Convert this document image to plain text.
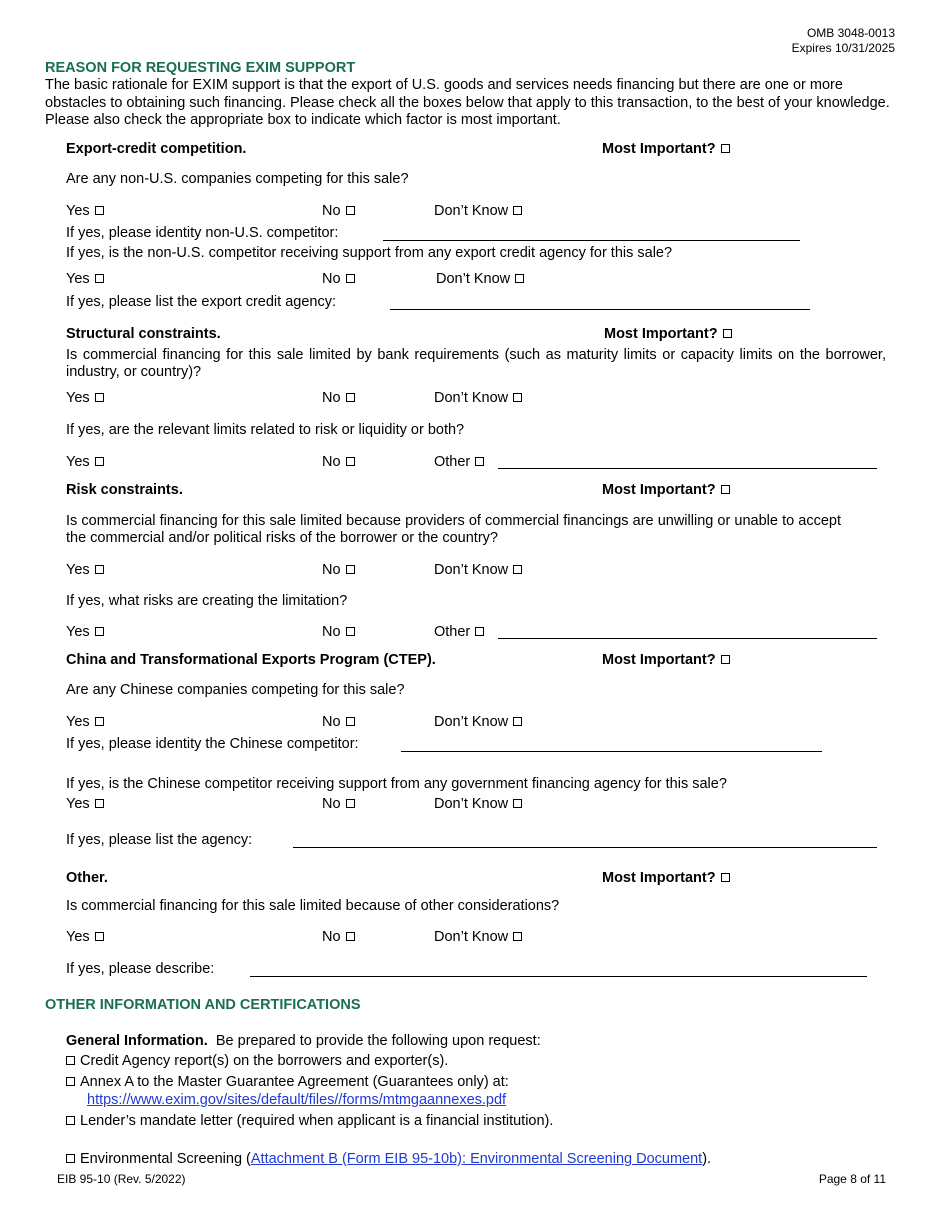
OMB 3048-0013
Expires 10/31/2025
REASON FOR REQUESTING EXIM SUPPORT
The basic rationale for EXIM support is that the export of U.S. goods and services needs financing but there are one or more obstacles to obtaining such financing. Please check all the boxes below that apply to this transaction, to the best of your knowledge. Please also check the appropriate box to indicate which factor is most important.
Export-credit competition.	Most Important?
Are any non-U.S. companies competing for this sale?
Yes	No	Don’t Know
If yes, please identity non-U.S. competitor:
If yes, is the non-U.S. competitor receiving support from any export credit agency for this sale?
Yes	No	Don’t Know
If yes, please list the export credit agency:
Structural constraints.	Most Important?
Is commercial financing for this sale limited by bank requirements (such as maturity limits or capacity limits on the borrower, industry, or country)?
Yes	No	Don’t Know
If yes, are the relevant limits related to risk or liquidity or both?
Yes	No	Other
Risk constraints.	Most Important?
Is commercial financing for this sale limited because providers of commercial financings are unwilling or unable to accept the commercial and/or political risks of the borrower or the country?
Yes	No	Don’t Know
If yes, what risks are creating the limitation?
Yes	No	Other
China and Transformational Exports Program (CTEP).	Most Important?
Are any Chinese companies competing for this sale?
Yes	No	Don’t Know
If yes, please identity the Chinese competitor:
If yes, is the Chinese competitor receiving support from any government financing agency for this sale?
Yes	No	Don’t Know
If yes, please list the agency:
Other.	Most Important?
Is commercial financing for this sale limited because of other considerations?
Yes	No	Don’t Know
If yes, please describe:
OTHER INFORMATION AND CERTIFICATIONS
General Information. Be prepared to provide the following upon request:
Credit Agency report(s) on the borrowers and exporter(s).
Annex A to the Master Guarantee Agreement (Guarantees only) at:
https://www.exim.gov/sites/default/files//forms/mtmgaannexes.pdf
Lender’s mandate letter (required when applicant is a financial institution).
Environmental Screening (Attachment B (Form EIB 95-10b): Environmental Screening Document).
EIB 95-10 (Rev. 5/2022)	Page 8 of 11
